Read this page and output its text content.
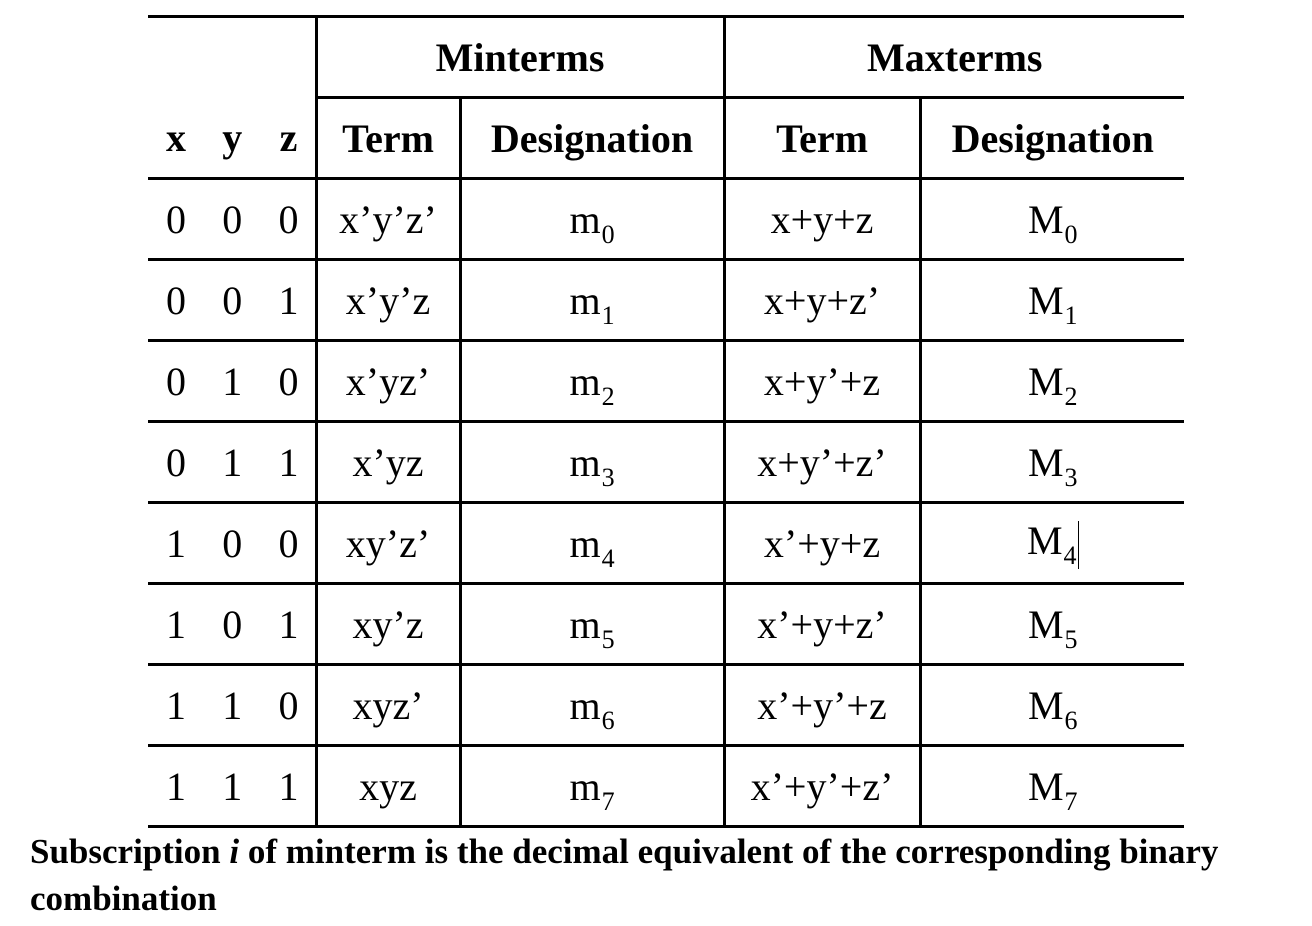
	Minterms		Maxterms	

x y z	Term	Designation	Term	Designation

0 0 0	x’y’z’	$m_0$	x+y+z	$M_0$

0 0 1	x’y’z	$m_1$	x+y+z’	$M_1$

0 1 0	x’yz’	$m_2$	x+y’+z	$M_2$

0 1 1	x’yz	$m_3$	x+y’+z’	$M_3$

1 0 0	xy’z’	$m_4$	x’+y+z	$M_4$

1 0 1	xy’z	$m_5$	x’+y+z’	$M_5$

1 1 0	xyz’	$m_6$	x’+y’+z	$M_6$

1 1 1	xyz	$m_7$	x’+y’+z’	$M_7$
Subscription i of minterm is the decimal equivalent of the corresponding binary combination
